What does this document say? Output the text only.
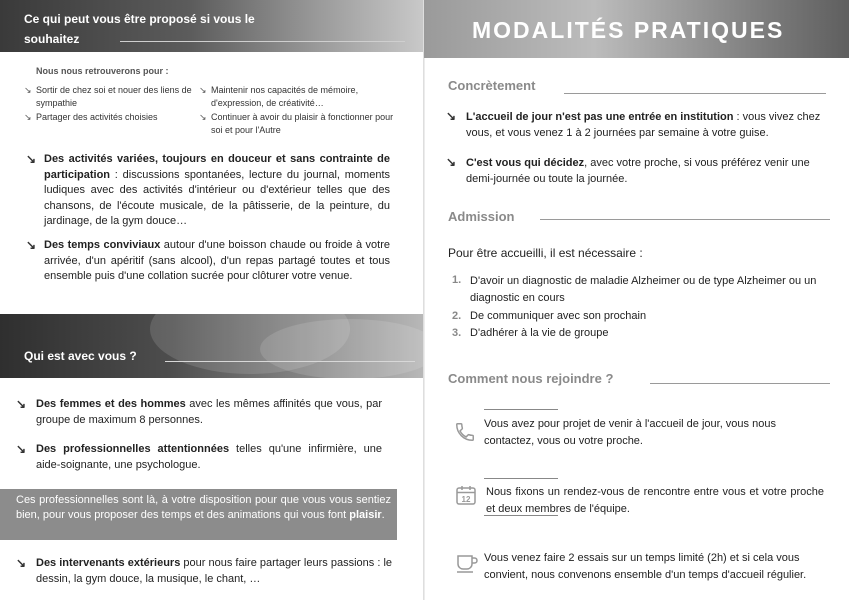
Ce qui peut vous être proposé si vous le souhaitez
Nous nous retrouverons pour :
↘ Sortir de chez soi et nouer des liens de sympathie
↘ Partager des activités choisies
↘ Maintenir nos capacités de mémoire, d'expression, de créativité…
↘ Continuer à avoir du plaisir à fonctionner pour soi et pour l'Autre
↘ Des activités variées, toujours en douceur et sans contrainte de participation : discussions spontanées, lecture du journal, moments ludiques avec des activités d'intérieur ou d'extérieur telles que des chansons, de l'écoute musicale, de la pâtisserie, de la peinture, du jardinage, de la gym douce…
↘ Des temps conviviaux autour d'une boisson chaude ou froide à votre arrivée, d'un apéritif (sans alcool), d'un repas partagé toutes et tous ensemble puis d'une collation sucrée pour clôturer votre venue.
Qui est avec vous ?
↘ Des femmes et des hommes avec les mêmes affinités que vous, par groupe de maximum 8 personnes.
↘ Des professionnelles attentionnées telles qu'une infirmière, une aide-soignante, une psychologue.
Ces professionnelles sont là, à votre disposition pour que vous vous sentiez bien, pour vous proposer des temps et des animations qui vous font plaisir.
↘ Des intervenants extérieurs pour nous faire partager leurs passions : le dessin, la gym douce, la musique, le chant, …
MODALITÉS PRATIQUES
Concrètement
↘ L'accueil de jour n'est pas une entrée en institution : vous vivez chez vous, et vous venez 1 à 2 journées par semaine à votre guise.
↘ C'est vous qui décidez, avec votre proche, si vous préférez venir une demi-journée ou toute la journée.
Admission
Pour être accueilli, il est nécessaire :
1. D'avoir un diagnostic de maladie Alzheimer ou de type Alzheimer ou un diagnostic en cours
2. De communiquer avec son prochain
3. D'adhérer à la vie de groupe
Comment nous rejoindre ?
Vous avez pour projet de venir à l'accueil de jour, vous nous contactez, vous ou votre proche.
12
Nous fixons un rendez-vous de rencontre entre vous et votre proche et deux membres de l'équipe.
Vous venez faire 2 essais sur un temps limité (2h) et si cela vous convient, nous convenons ensemble d'un temps d'accueil régulier.
